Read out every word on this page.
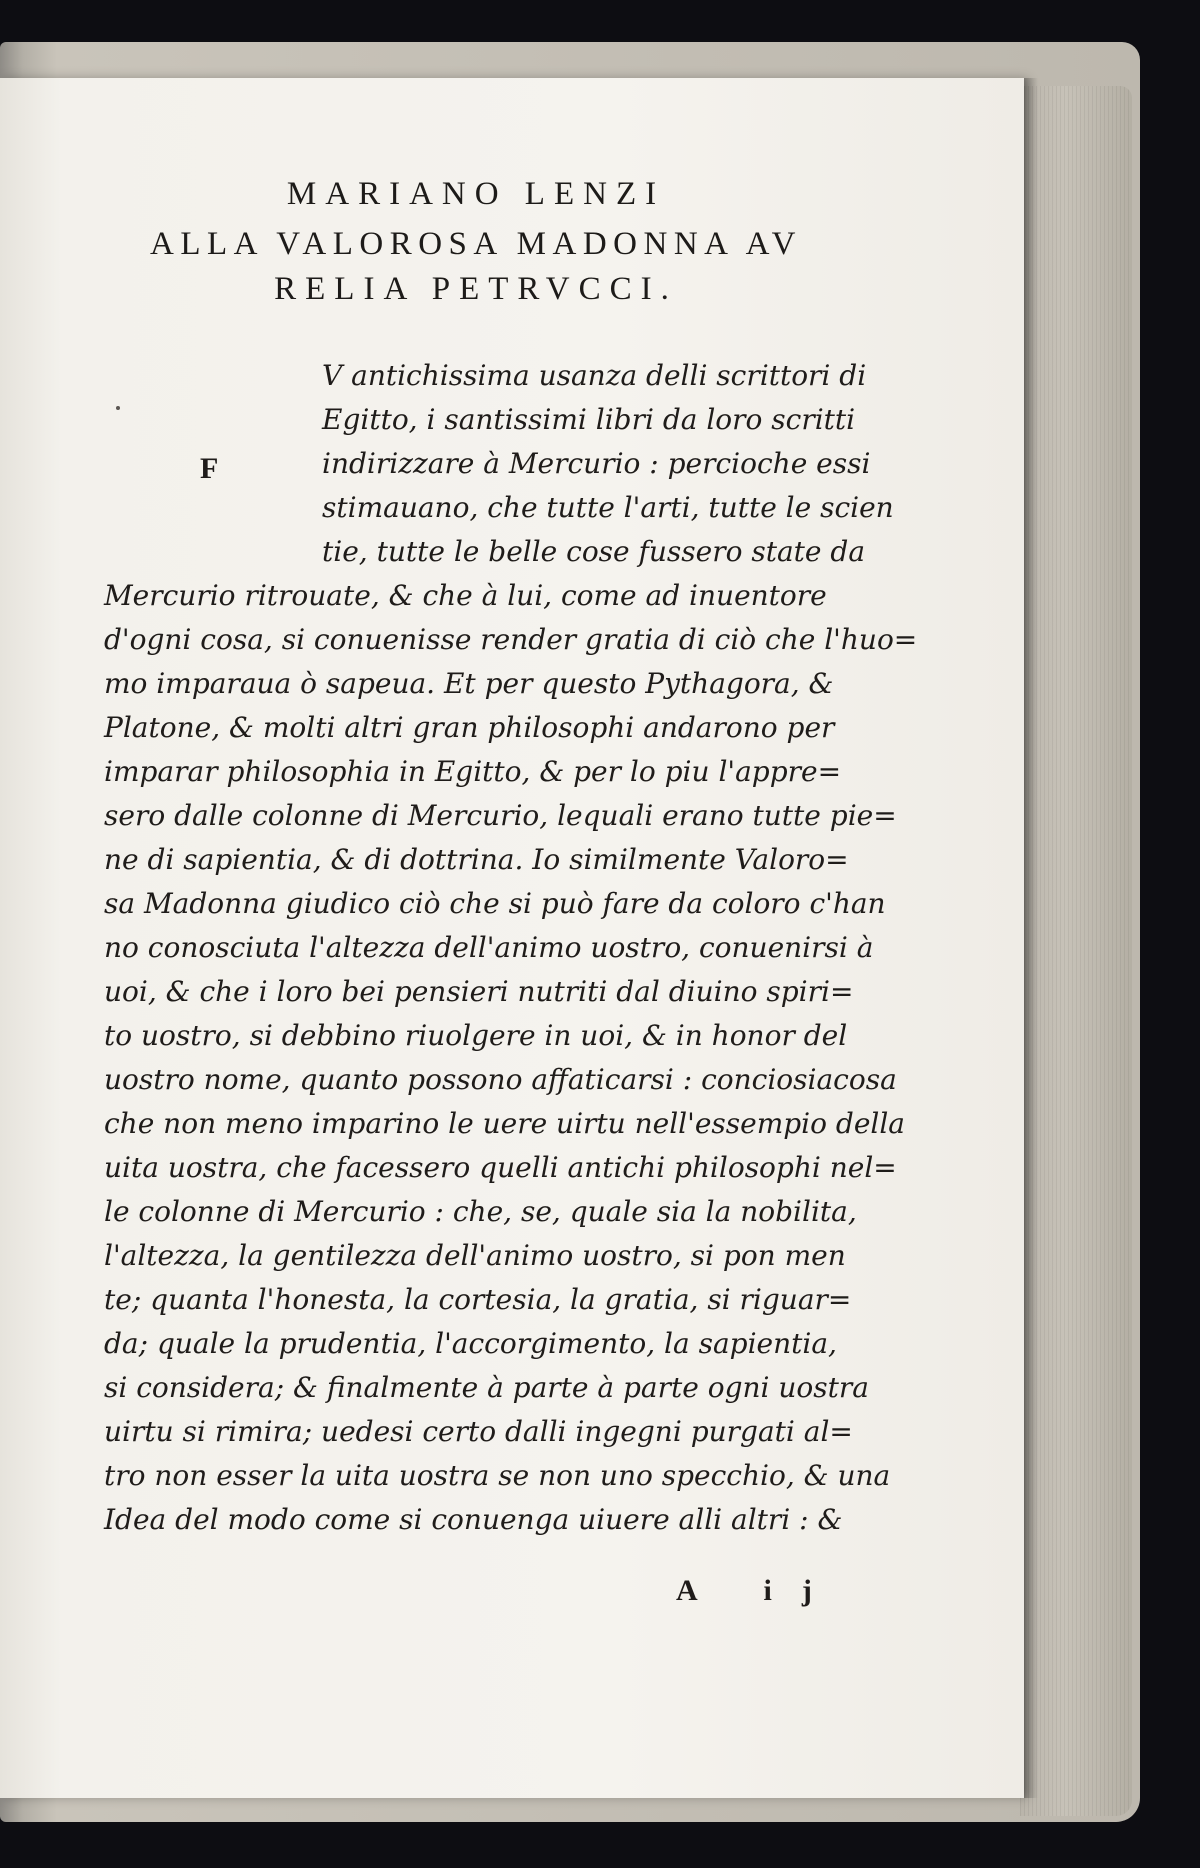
MARIANO LENZI
ALLA VALOROSA MADONNA AV
RELIA PETRVCCI.
F
V antichissima usanza delli scrittori di
Egitto, i santissimi libri da loro scritti
indirizzare à Mercurio : percioche essi
stimauano, che tutte l'arti, tutte le scien
tie, tutte le belle cose fussero state da
Mercurio ritrouate, & che à lui, come ad inuentore
d'ogni cosa, si conuenisse render gratia di ciò che l'huo=
mo imparaua ò sapeua. Et per questo Pythagora, &
Platone, & molti altri gran philosophi andarono per
imparar philosophia in Egitto, & per lo piu l'appre=
sero dalle colonne di Mercurio, lequali erano tutte pie=
ne di sapientia, & di dottrina. Io similmente Valoro=
sa Madonna giudico ciò che si può fare da coloro c'han
no conosciuta l'altezza dell'animo uostro, conuenirsi à
uoi, & che i loro bei pensieri nutriti dal diuino spiri=
to uostro, si debbino riuolgere in uoi, & in honor del
uostro nome, quanto possono affaticarsi : conciosiacosa
che non meno imparino le uere uirtu nell'essempio della
uita uostra, che facessero quelli antichi philosophi nel=
le colonne di Mercurio : che, se, quale sia la nobilita,
l'altezza, la gentilezza dell'animo uostro, si pon men
te; quanta l'honesta, la cortesia, la gratia, si riguar=
da; quale la prudentia, l'accorgimento, la sapientia,
si considera; & finalmente à parte à parte ogni uostra
uirtu si rimira; uedesi certo dalli ingegni purgati al=
tro non esser la uita uostra se non uno specchio, & una
Idea del modo come si conuenga uiuere alli altri : &
A ij
